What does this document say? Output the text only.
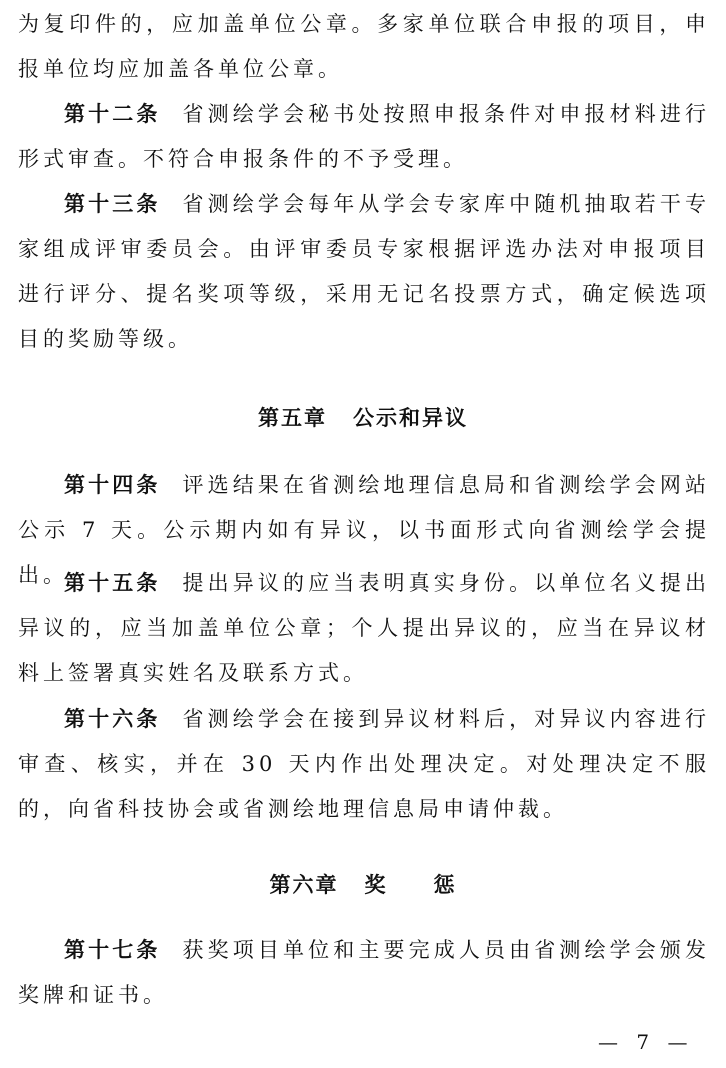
为复印件的，应加盖单位公章。多家单位联合申报的项目，申报单位均应加盖各单位公章。

第十二条 省测绘学会秘书处按照申报条件对申报材料进行形式审查。不符合申报条件的不予受理。

第十三条 省测绘学会每年从学会专家库中随机抽取若干专家组成评审委员会。由评审委员专家根据评选办法对申报项目进行评分、提名奖项等级，采用无记名投票方式，确定候选项目的奖励等级。

第五章 公示和异议

第十四条 评选结果在省测绘地理信息局和省测绘学会网站公示 7 天。公示期内如有异议，以书面形式向省测绘学会提出。

第十五条 提出异议的应当表明真实身份。以单位名义提出异议的，应当加盖单位公章；个人提出异议的，应当在异议材料上签署真实姓名及联系方式。

第十六条 省测绘学会在接到异议材料后，对异议内容进行审查、核实，并在 30 天内作出处理决定。对处理决定不服的，向省科技协会或省测绘地理信息局申请仲裁。

第六章 奖　　惩

第十七条 获奖项目单位和主要完成人员由省测绘学会颁发奖牌和证书。

— 7 —
